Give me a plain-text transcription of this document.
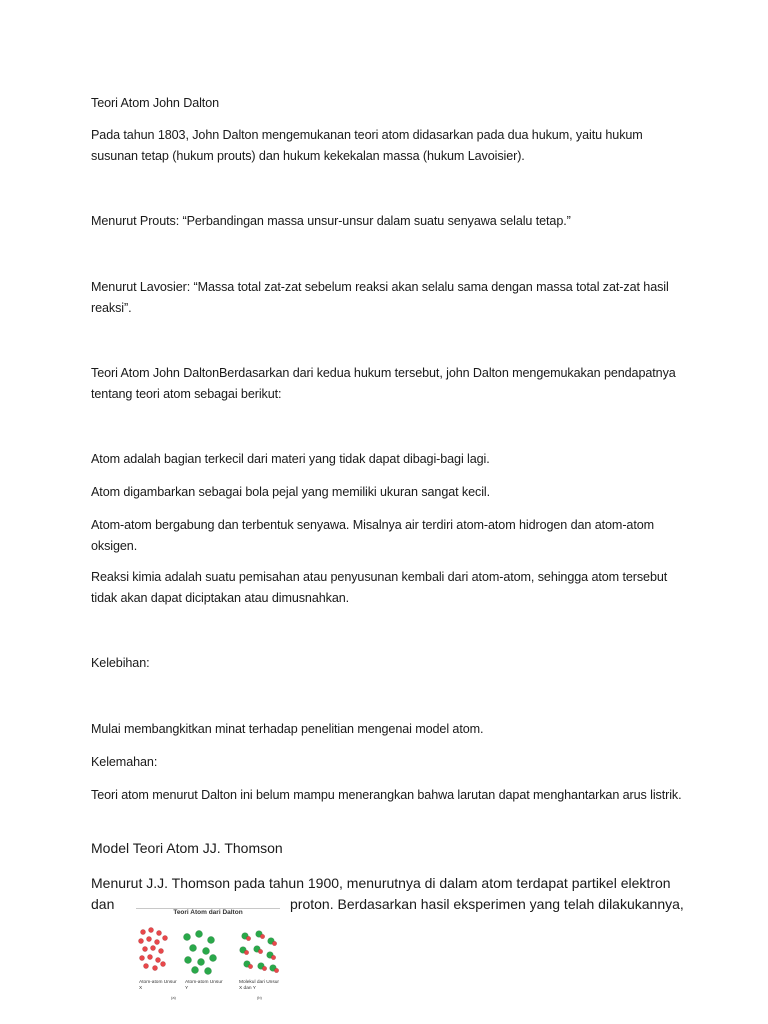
Teori Atom John Dalton

Pada tahun 1803, John Dalton mengemukanan teori atom didasarkan pada dua hukum, yaitu hukum susunan tetap (hukum prouts) dan hukum kekekalan massa (hukum Lavoisier).

Menurut Prouts: “Perbandingan massa unsur-unsur dalam suatu senyawa selalu tetap.”

Menurut Lavosier: “Massa total zat-zat sebelum reaksi akan selalu sama dengan massa total zat-zat hasil reaksi”.

Teori Atom John DaltonBerdasarkan dari kedua hukum tersebut, john Dalton mengemukakan pendapatnya tentang teori atom sebagai berikut:

Atom adalah bagian terkecil dari materi yang tidak dapat dibagi-bagi lagi.

Atom digambarkan sebagai bola pejal yang memiliki ukuran sangat kecil.

Atom-atom bergabung dan terbentuk senyawa. Misalnya air terdiri atom-atom hidrogen dan atom-atom oksigen.

Reaksi kimia adalah suatu pemisahan atau penyusunan kembali dari atom-atom, sehingga atom tersebut tidak akan dapat diciptakan atau dimusnahkan.

Kelebihan:

Mulai membangkitkan minat terhadap penelitian mengenai model atom.

Kelemahan:

Teori atom menurut Dalton ini belum mampu menerangkan bahwa larutan dapat menghantarkan arus listrik.

Model Teori Atom JJ. Thomson

Menurut J.J. Thomson pada tahun 1900, menurutnya di dalam atom terdapat partikel elektron

dan	proton. Berdasarkan hasil eksperimen yang telah dilakukannya,
Teori Atom dari Dalton
Atom-atom Unsur X
Atom-atom Unsur Y
Molekul dari Unsur X dan Y
(a)	(b)
